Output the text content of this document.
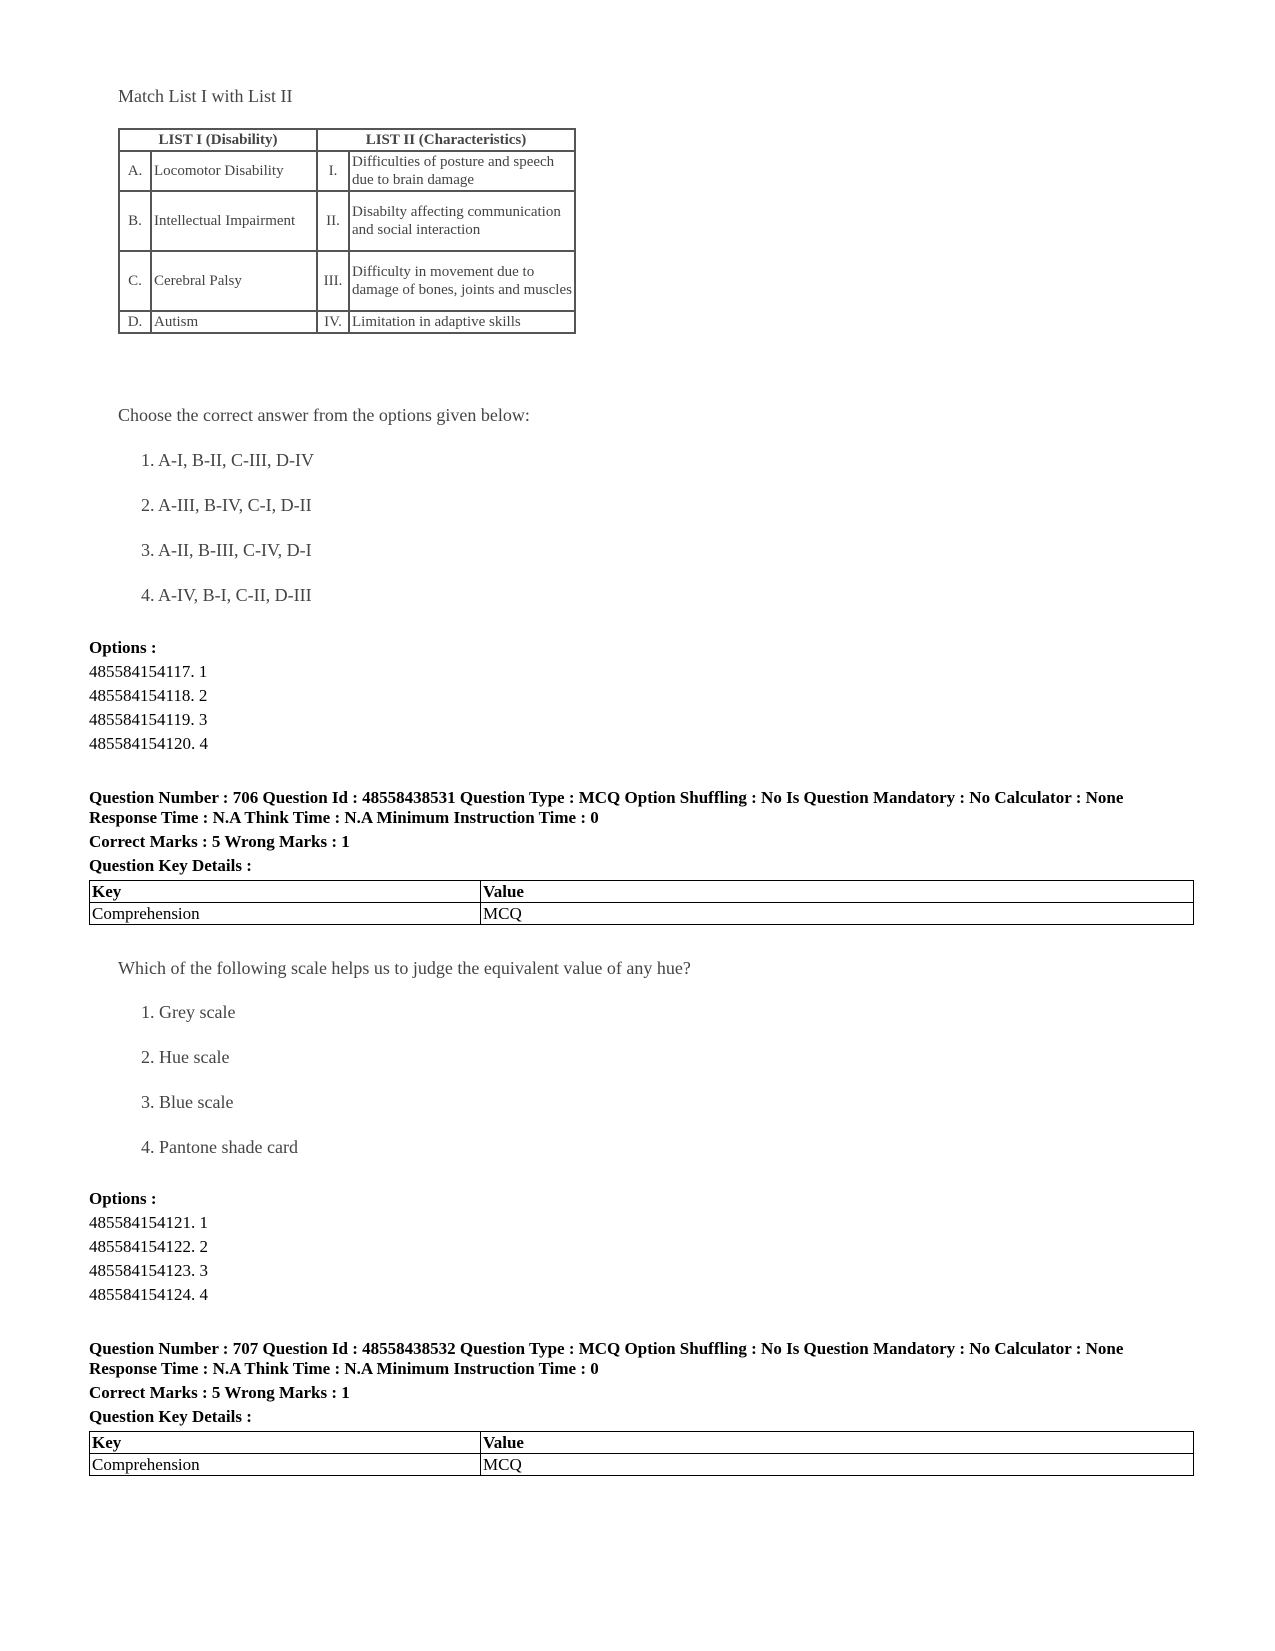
Match List I with List II
LIST I (Disability)		LIST II (Characteristics)	
A.	Locomotor Disability	I.	Difficulties of posture and speech due to brain damage
B.	Intellectual Impairment	II.	Disabilty affecting communication and social interaction
C.	Cerebral Palsy	III.	Difficulty in movement due to damage of bones, joints and muscles
D.	Autism	IV.	Limitation in adaptive skills
Choose the correct answer from the options given below:
1. A-I, B-II, C-III, D-IV
2. A-III, B-IV, C-I, D-II
3. A-II, B-III, C-IV, D-I
4. A-IV, B-I, C-II, D-III
Options :
485584154117. 1
485584154118. 2
485584154119. 3
485584154120. 4
Question Number : 706 Question Id : 48558438531 Question Type : MCQ Option Shuffling : No Is Question Mandatory : No Calculator : None
Response Time : N.A Think Time : N.A Minimum Instruction Time : 0
Correct Marks : 5 Wrong Marks : 1
Question Key Details :
Key	Value
Comprehension	MCQ
Which of the following scale helps us to judge the equivalent value of any hue?
1. Grey scale
2. Hue scale
3. Blue scale
4. Pantone shade card
Options :
485584154121. 1
485584154122. 2
485584154123. 3
485584154124. 4
Question Number : 707 Question Id : 48558438532 Question Type : MCQ Option Shuffling : No Is Question Mandatory : No Calculator : None
Response Time : N.A Think Time : N.A Minimum Instruction Time : 0
Correct Marks : 5 Wrong Marks : 1
Question Key Details :
Key	Value
Comprehension	MCQ
